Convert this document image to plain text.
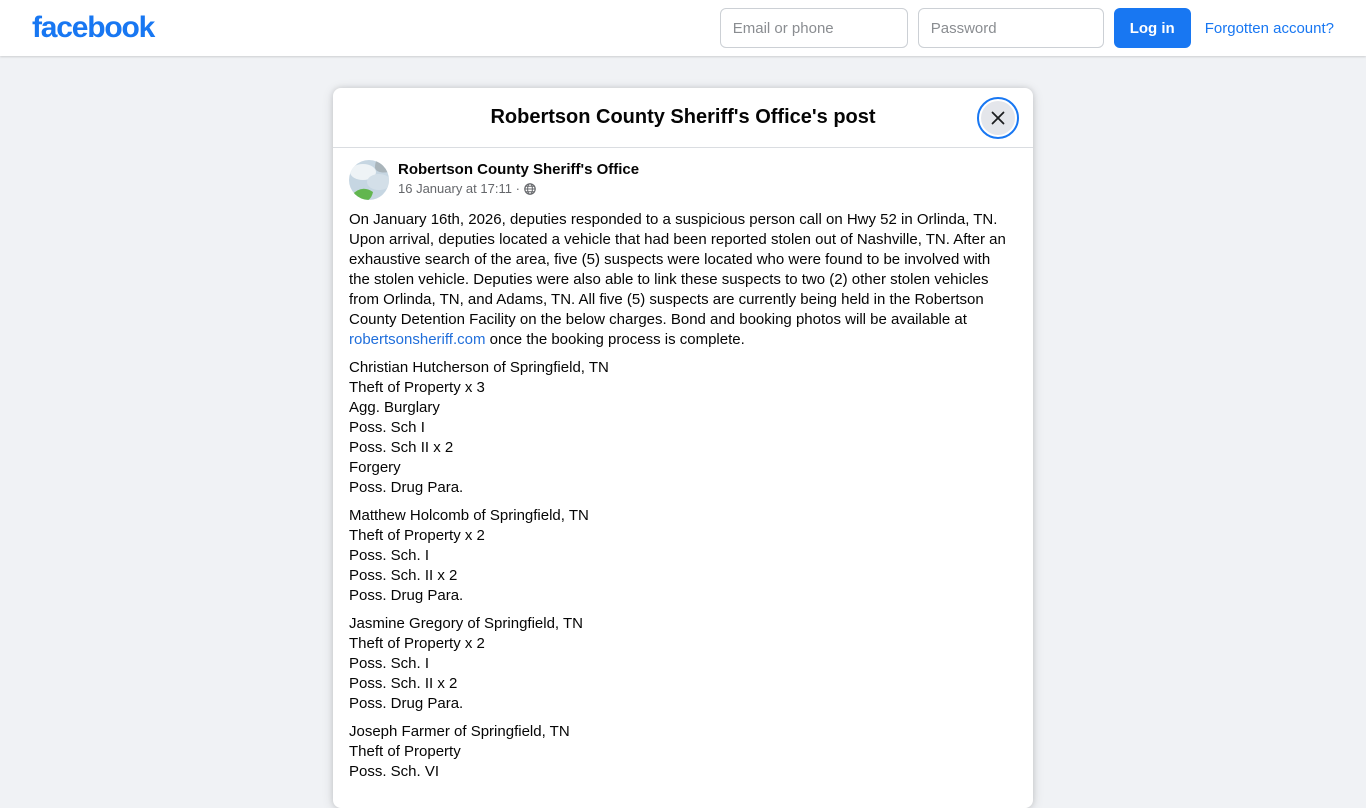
facebook
Email or phone	Log in	Forgotten account?
Robertson County Sheriff's Office's post
Robertson County Sheriff's Office
16 January at 17:11 ·

On January 16th, 2026, deputies responded to a suspicious person call on Hwy 52 in Orlinda, TN. Upon arrival, deputies located a vehicle that had been reported stolen out of Nashville, TN. After an exhaustive search of the area, five (5) suspects were located who were found to be involved with the stolen vehicle. Deputies were also able to link these suspects to two (2) other stolen vehicles from Orlinda, TN, and Adams, TN. All five (5) suspects are currently being held in the Robertson County Detention Facility on the below charges. Bond and booking photos will be available at robertsonsheriff.com once the booking process is complete.

Christian Hutcherson of Springfield, TN
Theft of Property x 3
Agg. Burglary
Poss. Sch I
Poss. Sch II x 2
Forgery
Poss. Drug Para.
Matthew Holcomb of Springfield, TN
Theft of Property x 2
Poss. Sch. I
Poss. Sch. II x 2
Poss. Drug Para.
Jasmine Gregory of Springfield, TN
Theft of Property x 2
Poss. Sch. I
Poss. Sch. II x 2
Poss. Drug Para.
Joseph Farmer of Springfield, TN
Theft of Property
Poss. Sch. VI
